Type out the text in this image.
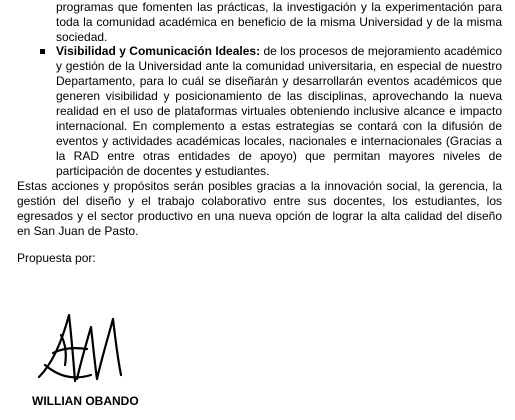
programas que fomenten las prácticas, la investigación y la experimentación para toda la comunidad académica en beneficio de la misma Universidad y de la misma sociedad.

Visibilidad y Comunicación Ideales: de los procesos de mejoramiento académico y gestión de la Universidad ante la comunidad universitaria, en especial de nuestro Departamento, para lo cuál se diseñarán y desarrollarán eventos académicos que generen visibilidad y posicionamiento de las disciplinas, aprovechando la nueva realidad en el uso de plataformas virtuales obteniendo inclusive alcance e impacto internacional. En complemento a estas estrategias se contará con la difusión de eventos y actividades académicas locales, nacionales e internacionales (Gracias a la RAD entre otras entidades de apoyo) que permitan mayores niveles de participación de docentes y estudiantes.

Estas acciones y propósitos serán posibles gracias a la innovación social, la gerencia, la gestión del diseño y el trabajo colaborativo entre sus docentes, los estudiantes, los egresados y el sector productivo en una nueva opción de lograr la alta calidad del diseño en San Juan de Pasto.

Propuesta por:

WILLIAN OBANDO
